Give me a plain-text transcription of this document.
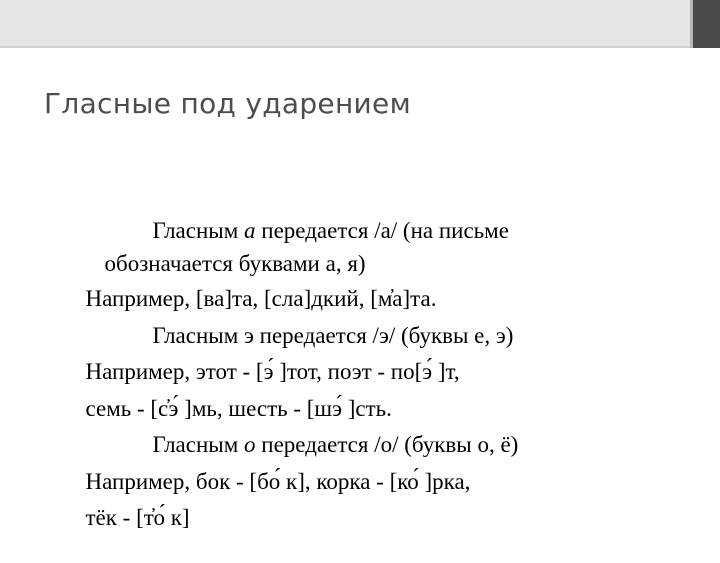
Гласные под ударением

Гласным а передается /а/ (на письме

обозначается буквами а, я)

Например, [ва]та, [сла]дкий, [м̓а]та.

Гласным э передается /э/ (буквы е, э)

Например, этот - [э́ ]тот, поэт - по[э́ ]т,

семь - [с̓э́ ]мь, шесть - [шэ́ ]сть.

Гласным о передается /о/ (буквы о, ё)

Например, бок - [бо́ к], корка - [ко́ ]рка,

тёк - [т̓о́ к]
